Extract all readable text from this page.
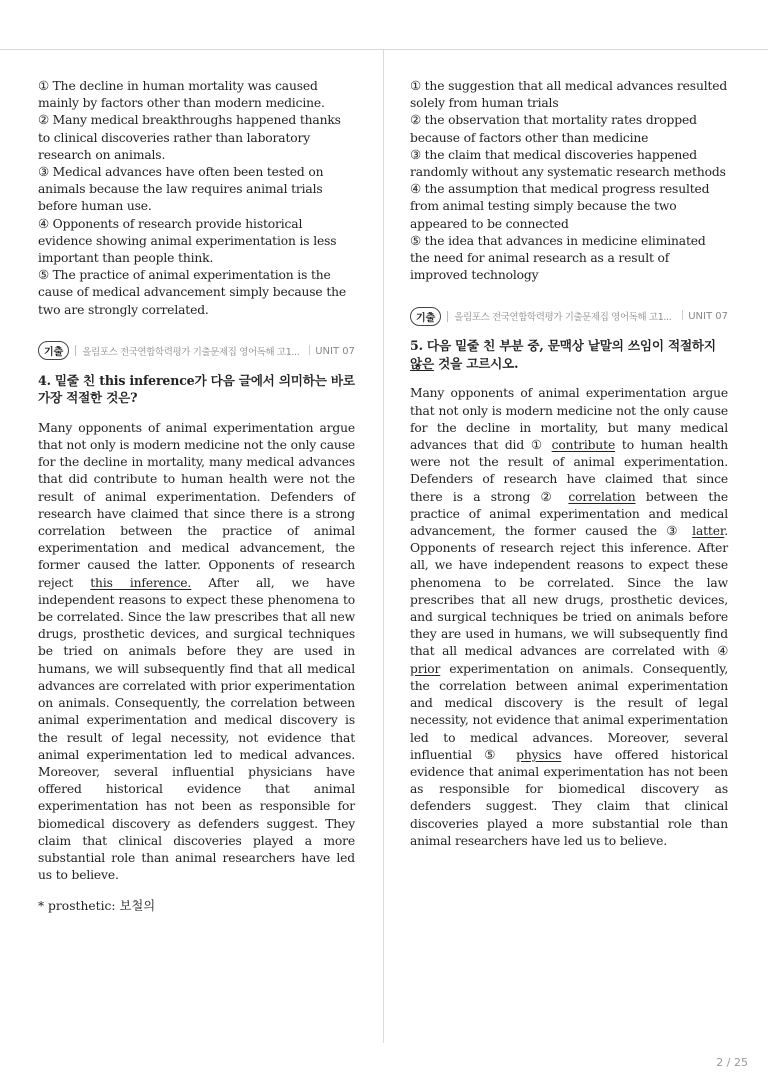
① The decline in human mortality was caused mainly by factors other than modern medicine.

② Many medical breakthroughs happened thanks to clinical discoveries rather than laboratory research on animals.

③ Medical advances have often been tested on animals because the law requires animal trials before human use.

④ Opponents of research provide historical evidence showing animal experimentation is less important than people think.

⑤ The practice of animal experimentation is the cause of medical advancement simply because the two are strongly correlated.

기출	올림포스 전국연합학력평가 기출문제집 영어독해 고1...	UNIT 07

4. 밑줄 친 this inference가 다음 글에서 의미하는 바로 가장 적절한 것은?

Many opponents of animal experimentation argue that not only is modern medicine not the only cause for the decline in mortality, many medical advances that did contribute to human health were not the result of animal experimentation. Defenders of research have claimed that since there is a strong correlation between the practice of animal experimentation and medical advancement, the former caused the latter. Opponents of research reject this inference. After all, we have independent reasons to expect these phenomena to be correlated. Since the law prescribes that all new drugs, prosthetic devices, and surgical techniques be tried on animals before they are used in humans, we will subsequently find that all medical advances are correlated with prior experimentation on animals. Consequently, the correlation between animal experimentation and medical discovery is the result of legal necessity, not evidence that animal experimentation led to medical advances. Moreover, several influential physicians have offered historical evidence that animal experimentation has not been as responsible for biomedical discovery as defenders suggest. They claim that clinical discoveries played a more substantial role than animal researchers have led us to believe.

* prosthetic: 보철의

① the suggestion that all medical advances resulted solely from human trials

② the observation that mortality rates dropped because of factors other than medicine

③ the claim that medical discoveries happened randomly without any systematic research methods

④ the assumption that medical progress resulted from animal testing simply because the two appeared to be connected

⑤ the idea that advances in medicine eliminated the need for animal research as a result of improved technology

기출	올림포스 전국연합학력평가 기출문제집 영어독해 고1...	UNIT 07

5. 다음 밑줄 친 부분 중, 문맥상 낱말의 쓰임이 적절하지 않은 것을 고르시오.

Many opponents of animal experimentation argue that not only is modern medicine not the only cause for the decline in mortality, but many medical advances that did ① contribute to human health were not the result of animal experimentation. Defenders of research have claimed that since there is a strong ② correlation between the practice of animal experimentation and medical advancement, the former caused the ③ latter. Opponents of research reject this inference. After all, we have independent reasons to expect these phenomena to be correlated. Since the law prescribes that all new drugs, prosthetic devices, and surgical techniques be tried on animals before they are used in humans, we will subsequently find that all medical advances are correlated with ④ prior experimentation on animals. Consequently, the correlation between animal experimentation and medical discovery is the result of legal necessity, not evidence that animal experimentation led to medical advances. Moreover, several influential ⑤ physics have offered historical evidence that animal experimentation has not been as responsible for biomedical discovery as defenders suggest. They claim that clinical discoveries played a more substantial role than animal researchers have led us to believe.

2 / 25
